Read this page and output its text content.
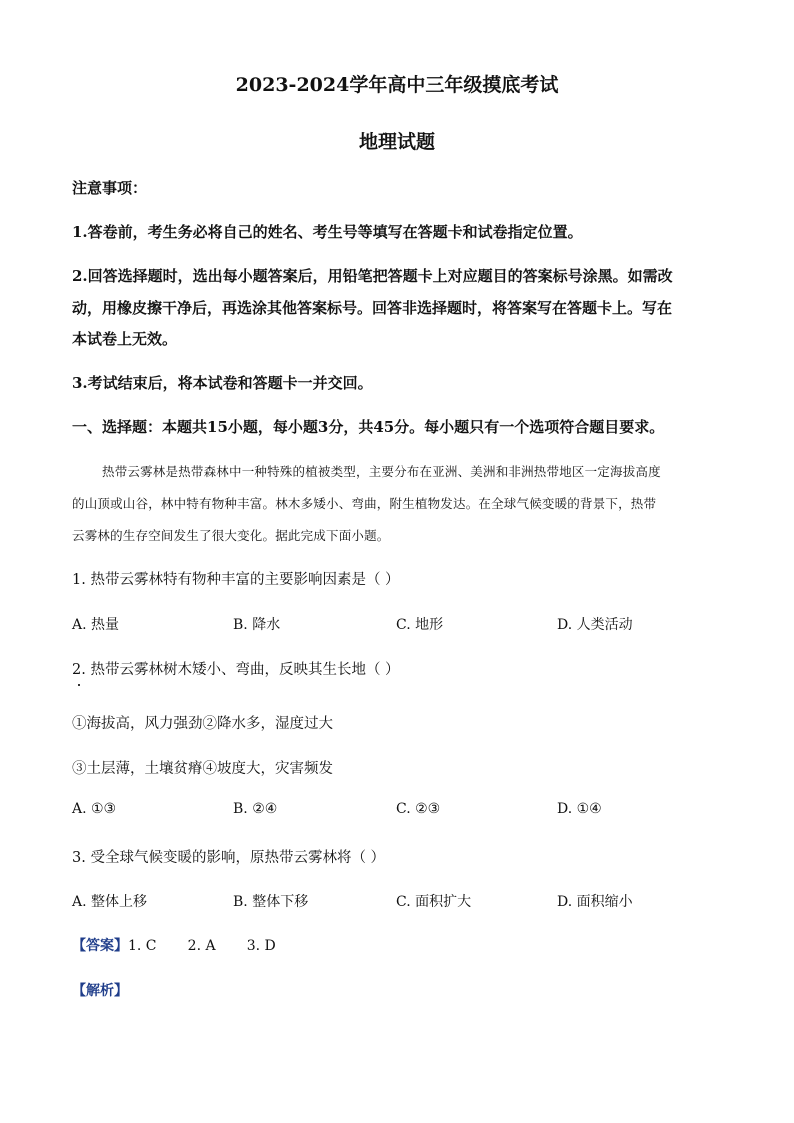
2023-2024学年高中三年级摸底考试
地理试题
注意事项：
1.答卷前，考生务必将自己的姓名、考生号等填写在答题卡和试卷指定位置。
2.回答选择题时，选出每小题答案后，用铅笔把答题卡上对应题目的答案标号涂黑。如需改
动，用橡皮擦干净后，再选涂其他答案标号。回答非选择题时，将答案写在答题卡上。写在
本试卷上无效。
3.考试结束后，将本试卷和答题卡一并交回。
一、选择题：本题共15小题，每小题3分，共45分。每小题只有一个选项符合题目要求。
热带云雾林是热带森林中一种特殊的植被类型，主要分布在亚洲、美洲和非洲热带地区一定海拔高度
的山顶或山谷，林中特有物种丰富。林木多矮小、弯曲，附生植物发达。在全球气候变暖的背景下，热带
云雾林的生存空间发生了很大变化。据此完成下面小题。
1. 热带云雾林特有物种丰富的主要影响因素是（ ）
A. 热量	B. 降水	C. 地形	D. 人类活动
2. 热带云雾林树木矮小、弯曲，反映其生长地（ ）
①海拔高，风力强劲②降水多，湿度过大
③土层薄，土壤贫瘠④坡度大，灾害频发
A. ①③	B. ②④	C. ②③	D. ①④
3. 受全球气候变暖的影响，原热带云雾林将（ ）
A. 整体上移	B. 整体下移	C. 面积扩大	D. 面积缩小
【答案】1. C       2. A       3. D
【解析】
